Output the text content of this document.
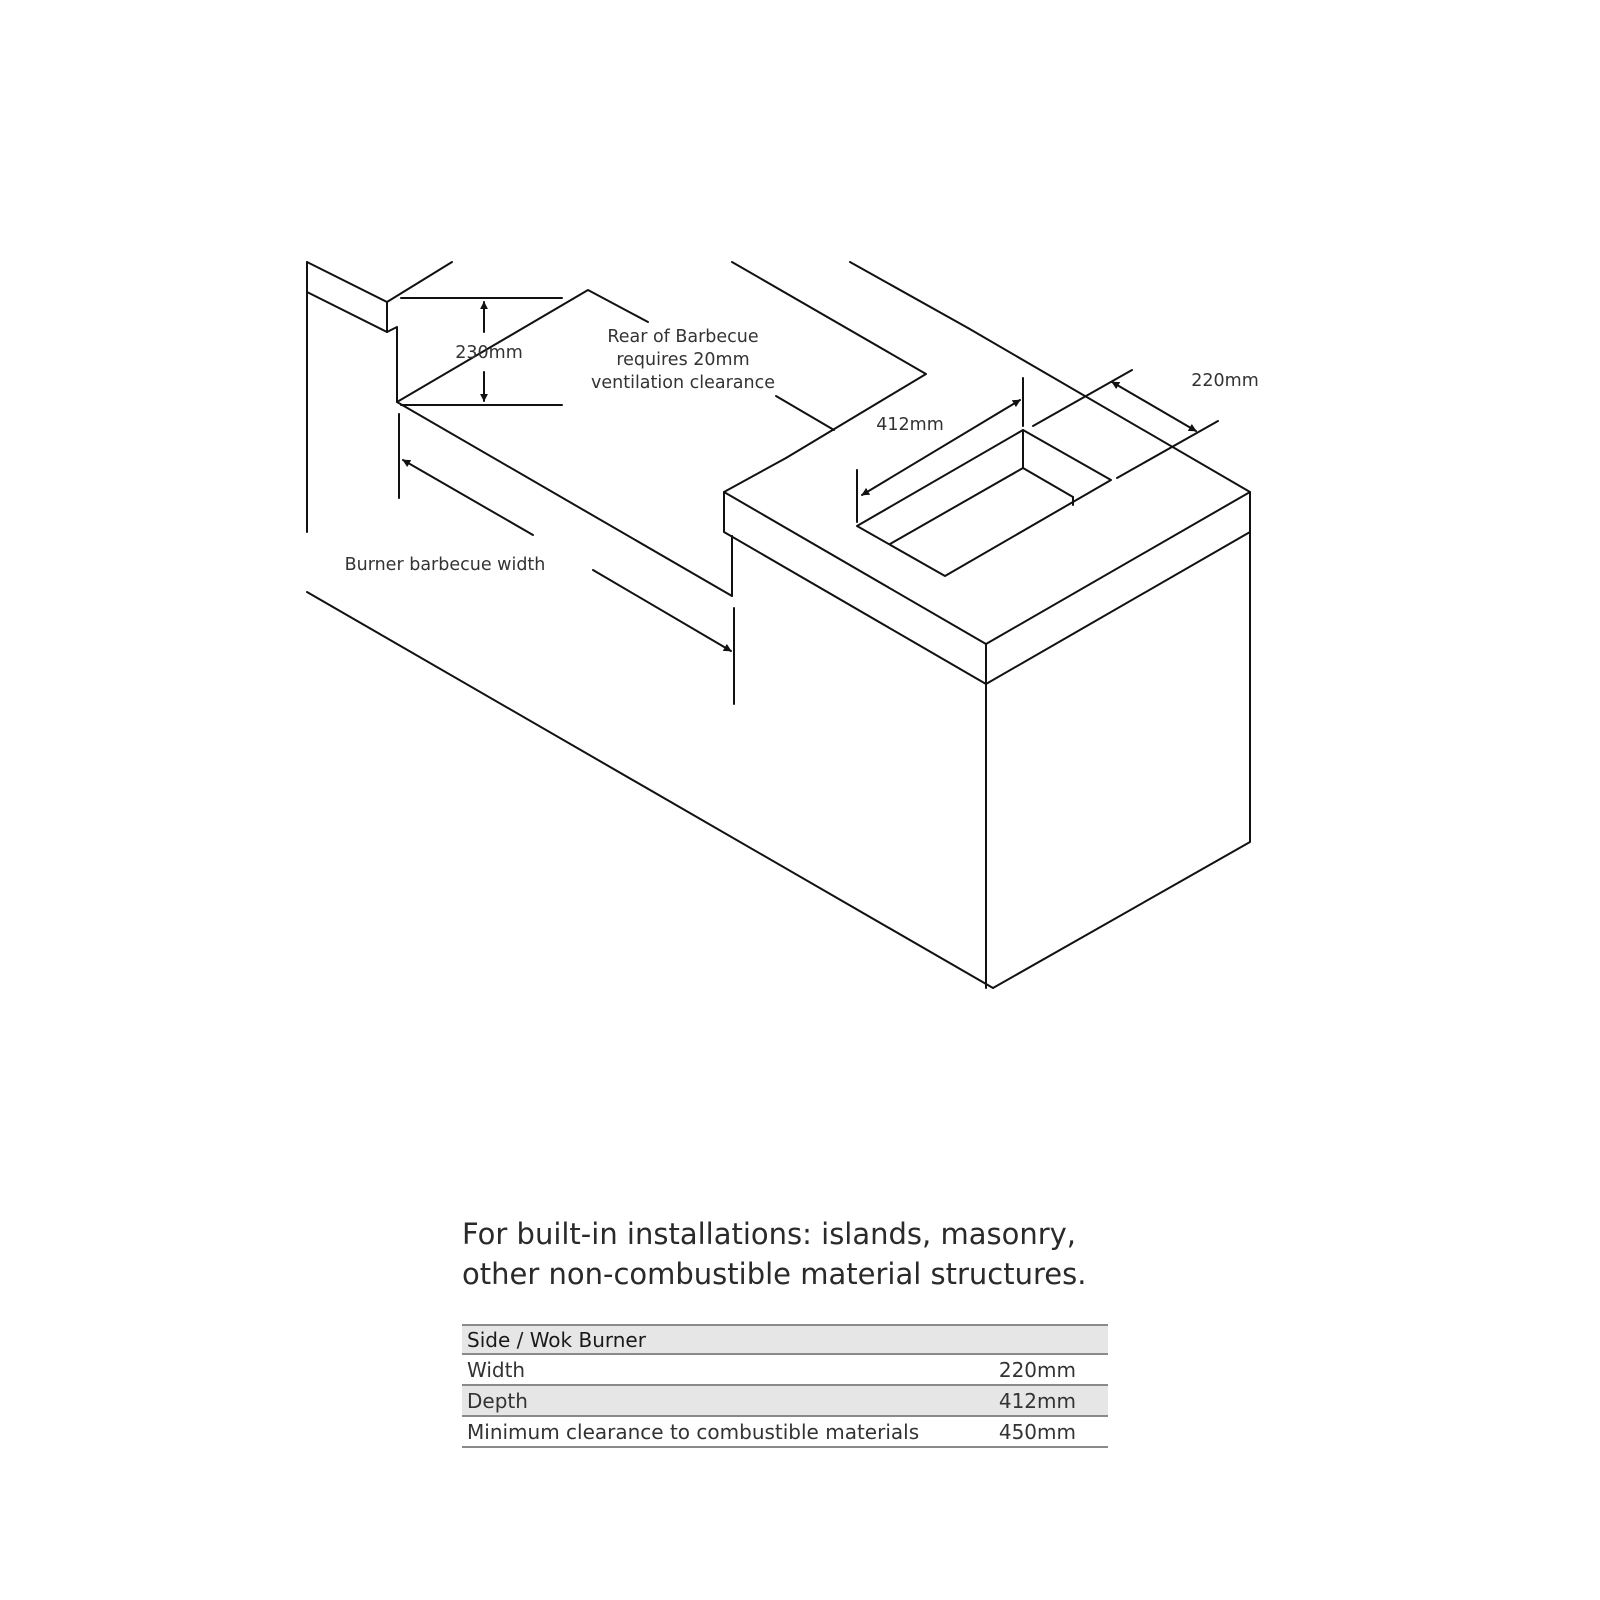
230mm
Rear of Barbecue
requires 20mm
ventilation clearance
412mm
220mm
Burner barbecue width
For built-in installations: islands, masonry,
other non-combustible material structures.
Side / Wok Burner
Width	220mm
Depth	412mm
Minimum clearance to combustible materials	450mm
